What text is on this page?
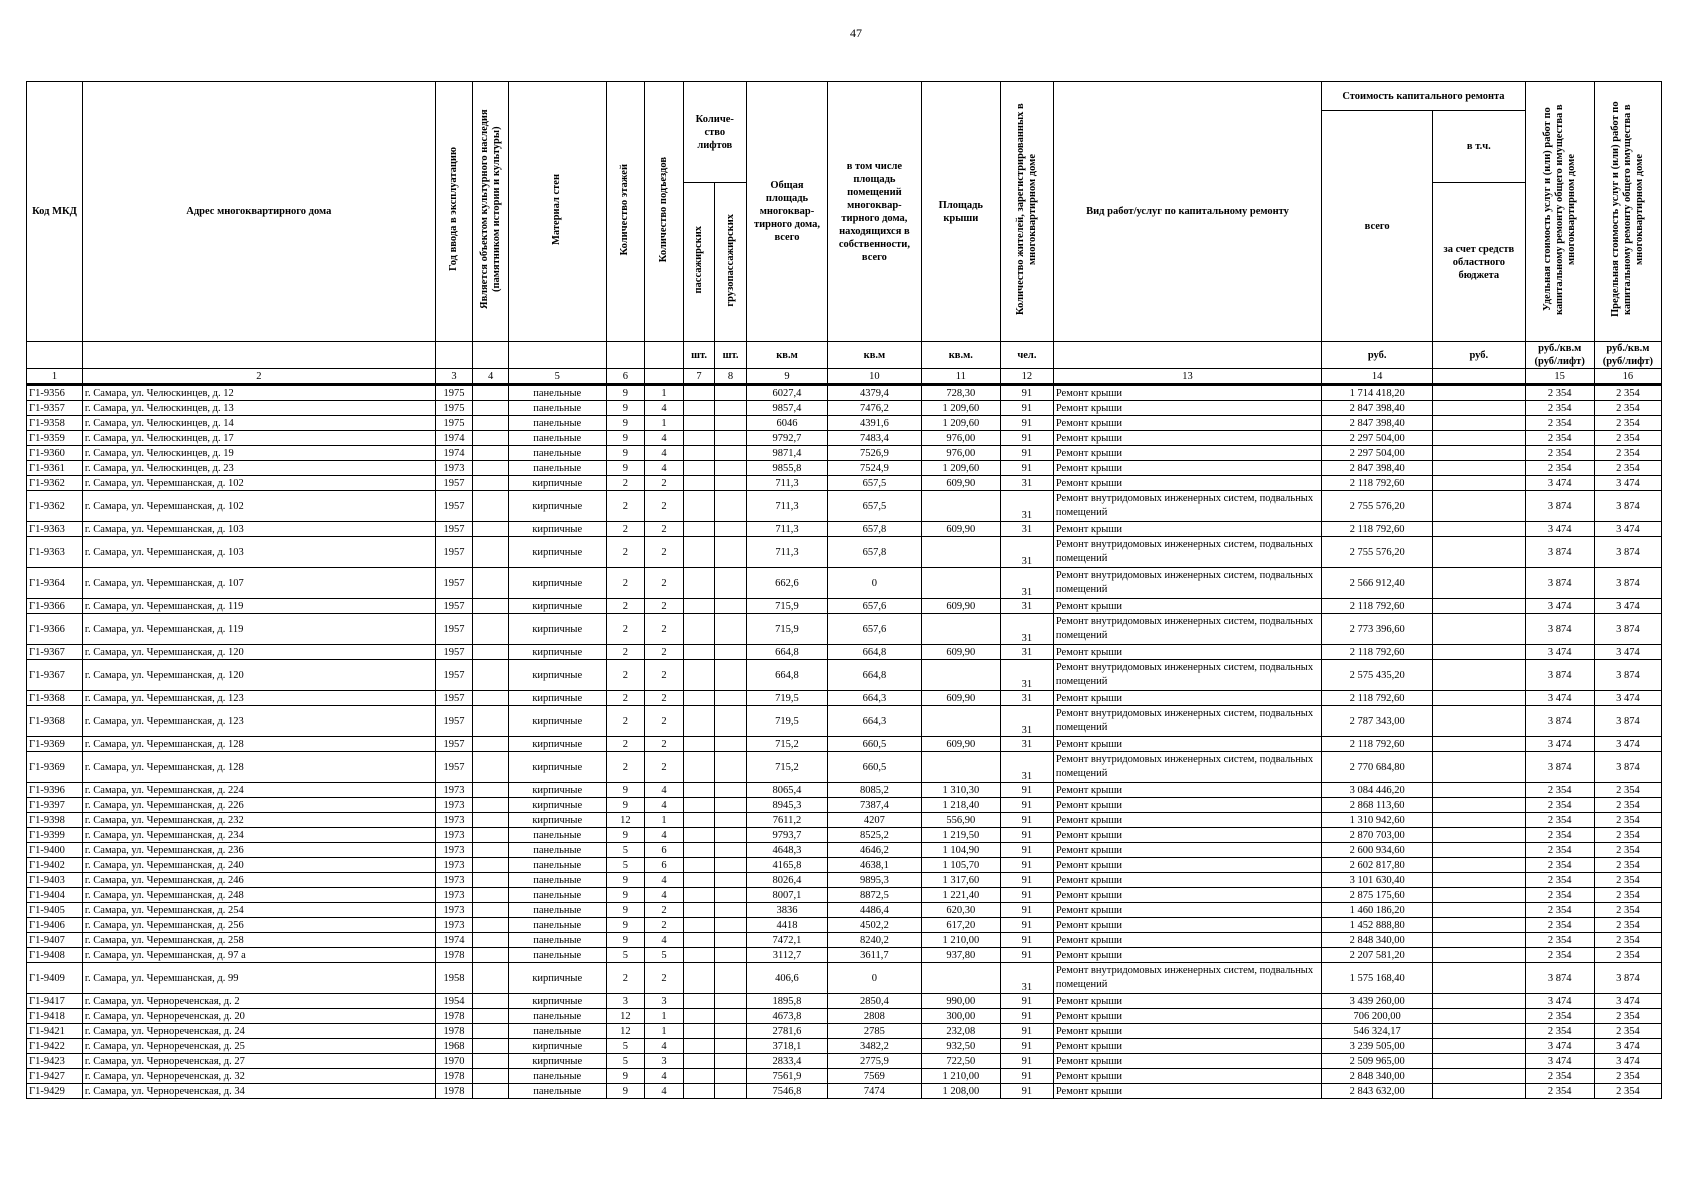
47
Код МКД	Адрес многоквартирного дома	Год ввода в эксплуатацию	Является объектом культурного наследия (памятником истории и культуры)	Материал стен	Количество этажей	Количество подъездов	Количе-ство лифтов		Общая площадь многоквар-тирного дома, всего	в том числе площадь помещений многоквар-тирного дома, находящихся в собственности, всего	Площадь крыши	Количество жителей, зарегистрированных в многоквартирном доме	Вид работ/услуг по капитальному ремонту	Стоимость капитального ремонта		Удельная стоимость услуг и (или) работ по капитальному ремонту общего имущества в многоквартирном доме	Предельная стоимость услуг и (или) работ по капитальному ремонту общего имущества в многоквартирном доме
														всего	в т.ч.		
							пассажирских	грузопассажирских							за счет средств областного бюджета		
							шт.	шт.	кв.м	кв.м	кв.м.	чел.		руб.	руб.	руб./кв.м (руб/лифт)	руб./кв.м (руб/лифт)
1	2	3	4	5	6		7	8	9	10	11	12	13	14		15	16
Г1-9356	г. Самара, ул. Челюскинцев, д. 12	1975		панельные	9	1			6027,4	4379,4	728,30	91	Ремонт крыши	1 714 418,20		2 354	2 354
Г1-9357	г. Самара, ул. Челюскинцев, д. 13	1975		панельные	9	4			9857,4	7476,2	1 209,60	91	Ремонт крыши	2 847 398,40		2 354	2 354
Г1-9358	г. Самара, ул. Челюскинцев, д. 14	1975		панельные	9	1			6046	4391,6	1 209,60	91	Ремонт крыши	2 847 398,40		2 354	2 354
Г1-9359	г. Самара, ул. Челюскинцев, д. 17	1974		панельные	9	4			9792,7	7483,4	976,00	91	Ремонт крыши	2 297 504,00		2 354	2 354
Г1-9360	г. Самара, ул. Челюскинцев, д. 19	1974		панельные	9	4			9871,4	7526,9	976,00	91	Ремонт крыши	2 297 504,00		2 354	2 354
Г1-9361	г. Самара, ул. Челюскинцев, д. 23	1973		панельные	9	4			9855,8	7524,9	1 209,60	91	Ремонт крыши	2 847 398,40		2 354	2 354
Г1-9362	г. Самара, ул. Черемшанская, д. 102	1957		кирпичные	2	2			711,3	657,5	609,90	31	Ремонт крыши	2 118 792,60		3 474	3 474
Г1-9362	г. Самара, ул. Черемшанская, д. 102	1957		кирпичные	2	2			711,3	657,5		31	Ремонт внутридомовых инженерных систем, подвальных помещений	2 755 576,20		3 874	3 874
Г1-9363	г. Самара, ул. Черемшанская, д. 103	1957		кирпичные	2	2			711,3	657,8	609,90	31	Ремонт крыши	2 118 792,60		3 474	3 474
Г1-9363	г. Самара, ул. Черемшанская, д. 103	1957		кирпичные	2	2			711,3	657,8		31	Ремонт внутридомовых инженерных систем, подвальных помещений	2 755 576,20		3 874	3 874
Г1-9364	г. Самара, ул. Черемшанская, д. 107	1957		кирпичные	2	2			662,6	0		31	Ремонт внутридомовых инженерных систем, подвальных помещений	2 566 912,40		3 874	3 874
Г1-9366	г. Самара, ул. Черемшанская, д. 119	1957		кирпичные	2	2			715,9	657,6	609,90	31	Ремонт крыши	2 118 792,60		3 474	3 474
Г1-9366	г. Самара, ул. Черемшанская, д. 119	1957		кирпичные	2	2			715,9	657,6		31	Ремонт внутридомовых инженерных систем, подвальных помещений	2 773 396,60		3 874	3 874
Г1-9367	г. Самара, ул. Черемшанская, д. 120	1957		кирпичные	2	2			664,8	664,8	609,90	31	Ремонт крыши	2 118 792,60		3 474	3 474
Г1-9367	г. Самара, ул. Черемшанская, д. 120	1957		кирпичные	2	2			664,8	664,8		31	Ремонт внутридомовых инженерных систем, подвальных помещений	2 575 435,20		3 874	3 874
Г1-9368	г. Самара, ул. Черемшанская, д. 123	1957		кирпичные	2	2			719,5	664,3	609,90	31	Ремонт крыши	2 118 792,60		3 474	3 474
Г1-9368	г. Самара, ул. Черемшанская, д. 123	1957		кирпичные	2	2			719,5	664,3		31	Ремонт внутридомовых инженерных систем, подвальных помещений	2 787 343,00		3 874	3 874
Г1-9369	г. Самара, ул. Черемшанская, д. 128	1957		кирпичные	2	2			715,2	660,5	609,90	31	Ремонт крыши	2 118 792,60		3 474	3 474
Г1-9369	г. Самара, ул. Черемшанская, д. 128	1957		кирпичные	2	2			715,2	660,5		31	Ремонт внутридомовых инженерных систем, подвальных помещений	2 770 684,80		3 874	3 874
Г1-9396	г. Самара, ул. Черемшанская, д. 224	1973		кирпичные	9	4			8065,4	8085,2	1 310,30	91	Ремонт крыши	3 084 446,20		2 354	2 354
Г1-9397	г. Самара, ул. Черемшанская, д. 226	1973		кирпичные	9	4			8945,3	7387,4	1 218,40	91	Ремонт крыши	2 868 113,60		2 354	2 354
Г1-9398	г. Самара, ул. Черемшанская, д. 232	1973		кирпичные	12	1			7611,2	4207	556,90	91	Ремонт крыши	1 310 942,60		2 354	2 354
Г1-9399	г. Самара, ул. Черемшанская, д. 234	1973		панельные	9	4			9793,7	8525,2	1 219,50	91	Ремонт крыши	2 870 703,00		2 354	2 354
Г1-9400	г. Самара, ул. Черемшанская, д. 236	1973		панельные	5	6			4648,3	4646,2	1 104,90	91	Ремонт крыши	2 600 934,60		2 354	2 354
Г1-9402	г. Самара, ул. Черемшанская, д. 240	1973		панельные	5	6			4165,8	4638,1	1 105,70	91	Ремонт крыши	2 602 817,80		2 354	2 354
Г1-9403	г. Самара, ул. Черемшанская, д. 246	1973		панельные	9	4			8026,4	9895,3	1 317,60	91	Ремонт крыши	3 101 630,40		2 354	2 354
Г1-9404	г. Самара, ул. Черемшанская, д. 248	1973		панельные	9	4			8007,1	8872,5	1 221,40	91	Ремонт крыши	2 875 175,60		2 354	2 354
Г1-9405	г. Самара, ул. Черемшанская, д. 254	1973		панельные	9	2			3836	4486,4	620,30	91	Ремонт крыши	1 460 186,20		2 354	2 354
Г1-9406	г. Самара, ул. Черемшанская, д. 256	1973		панельные	9	2			4418	4502,2	617,20	91	Ремонт крыши	1 452 888,80		2 354	2 354
Г1-9407	г. Самара, ул. Черемшанская, д. 258	1974		панельные	9	4			7472,1	8240,2	1 210,00	91	Ремонт крыши	2 848 340,00		2 354	2 354
Г1-9408	г. Самара, ул. Черемшанская, д. 97 а	1978		панельные	5	5			3112,7	3611,7	937,80	91	Ремонт крыши	2 207 581,20		2 354	2 354
Г1-9409	г. Самара, ул. Черемшанская, д. 99	1958		кирпичные	2	2			406,6	0		31	Ремонт внутридомовых инженерных систем, подвальных помещений	1 575 168,40		3 874	3 874
Г1-9417	г. Самара, ул. Чернореченская, д. 2	1954		кирпичные	3	3			1895,8	2850,4	990,00	91	Ремонт крыши	3 439 260,00		3 474	3 474
Г1-9418	г. Самара, ул. Чернореченская, д. 20	1978		панельные	12	1			4673,8	2808	300,00	91	Ремонт крыши	706 200,00		2 354	2 354
Г1-9421	г. Самара, ул. Чернореченская, д. 24	1978		панельные	12	1			2781,6	2785	232,08	91	Ремонт крыши	546 324,17		2 354	2 354
Г1-9422	г. Самара, ул. Чернореченская, д. 25	1968		кирпичные	5	4			3718,1	3482,2	932,50	91	Ремонт крыши	3 239 505,00		3 474	3 474
Г1-9423	г. Самара, ул. Чернореченская, д. 27	1970		кирпичные	5	3			2833,4	2775,9	722,50	91	Ремонт крыши	2 509 965,00		3 474	3 474
Г1-9427	г. Самара, ул. Чернореченская, д. 32	1978		панельные	9	4			7561,9	7569	1 210,00	91	Ремонт крыши	2 848 340,00		2 354	2 354
Г1-9429	г. Самара, ул. Чернореченская, д. 34	1978		панельные	9	4			7546,8	7474	1 208,00	91	Ремонт крыши	2 843 632,00		2 354	2 354
